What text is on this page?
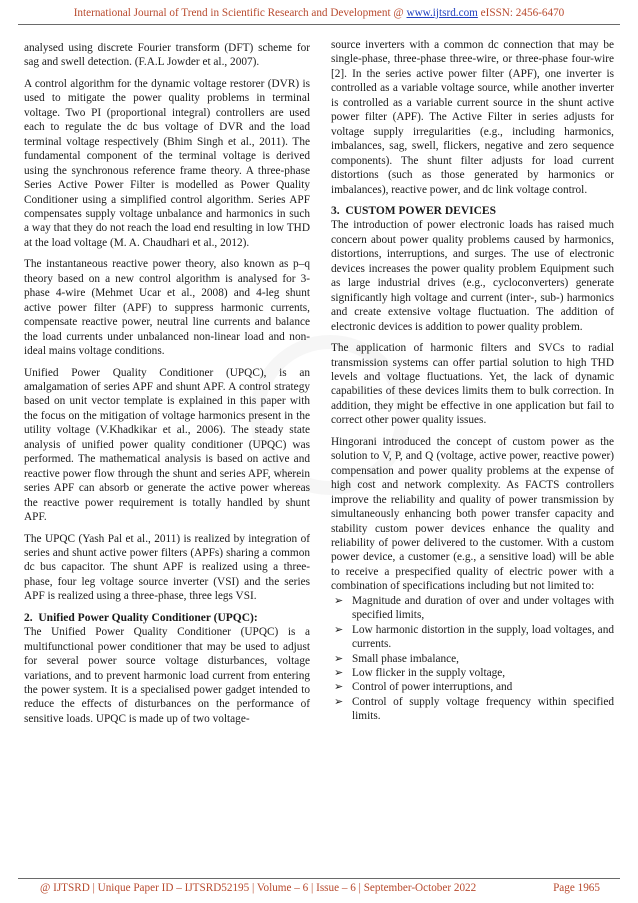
International Journal of Trend in Scientific Research and Development @ www.ijtsrd.com eISSN: 2456-6470

analysed using discrete Fourier transform (DFT) scheme for sag and swell detection. (F.A.L Jowder et al., 2007).

A control algorithm for the dynamic voltage restorer (DVR) is used to mitigate the power quality problems in terminal voltage. Two PI (proportional integral) controllers are used each to regulate the dc bus voltage of DVR and the load terminal voltage respectively (Bhim Singh et al., 2011). The fundamental component of the terminal voltage is derived using the synchronous reference frame theory. A three-phase Series Active Power Filter is modelled as Power Quality Conditioner using a simplified control algorithm. Series APF compensates supply voltage unbalance and harmonics in such a way that they do not reach the load end resulting in low THD at the load voltage (M. A. Chaudhari et al., 2012).

The instantaneous reactive power theory, also known as p–q theory based on a new control algorithm is analysed for 3-phase 4-wire (Mehmet Ucar et al., 2008) and 4-leg shunt active power filter (APF) to suppress harmonic currents, compensate reactive power, neutral line currents and balance the load currents under unbalanced non-linear load and non-ideal mains voltage conditions.

Unified Power Quality Conditioner (UPQC), is an amalgamation of series APF and shunt APF. A control strategy based on unit vector template is explained in this paper with the focus on the mitigation of voltage harmonics present in the utility voltage (V.Khadkikar et al., 2006). The steady state analysis of unified power quality conditioner (UPQC) was performed. The mathematical analysis is based on active and reactive power flow through the shunt and series APF, wherein series APF can absorb or generate the active power whereas the reactive power requirement is totally handled by shunt APF.

The UPQC (Yash Pal et al., 2011) is realized by integration of series and shunt active power filters (APFs) sharing a common dc bus capacitor. The shunt APF is realized using a three-phase, four leg voltage source inverter (VSI) and the series APF is realized using a three-phase, three legs VSI.

2.  Unified Power Quality Conditioner (UPQC):

The Unified Power Quality Conditioner (UPQC) is a multifunctional power conditioner that may be used to adjust for several power source voltage disturbances, voltage variations, and to prevent harmonic load current from entering the power system. It is a specialised power gadget intended to reduce the effects of disturbances on the performance of sensitive loads. UPQC is made up of two voltage-

source inverters with a common dc connection that may be single-phase, three-phase three-wire, or three-phase four-wire [2]. In the series active power filter (APF), one inverter is controlled as a variable voltage source, while another inverter is controlled as a variable current source in the shunt active power filter (APF). The Active Filter in series adjusts for voltage supply irregularities (e.g., including harmonics, imbalances, sag, swell, flickers, negative and zero sequence components). The shunt filter adjusts for load current distortions (such as those generated by harmonics or imbalances), reactive power, and dc link voltage control.

3.  CUSTOM POWER DEVICES

The introduction of power electronic loads has raised much concern about power quality problems caused by harmonics, distortions, interruptions, and surges. The use of electronic devices increases the power quality problem Equipment such as large industrial drives (e.g., cycloconverters) generate significantly high voltage and current (inter-, sub-) harmonics and create extensive voltage fluctuation. The addition of electronic devices is addition to power quality problem.

The application of harmonic filters and SVCs to radial transmission systems can offer partial solution to high THD levels and voltage fluctuations. Yet, the lack of dynamic capabilities of these devices limits them to bulk correction. In addition, they might be effective in one application but fail to correct other power quality issues.

Hingorani introduced the concept of custom power as the solution to V, P, and Q (voltage, active power, reactive power) compensation and power quality problems at the expense of high cost and network complexity. As FACTS controllers improve the reliability and quality of power transmission by simultaneously enhancing both power transfer capacity and stability custom power devices enhance the quality and reliability of power delivered to the customer. With a custom power device, a customer (e.g., a sensitive load) will be able to receive a prespecified quality of electric power with a combination of specifications including but not limited to:

➢ Magnitude and duration of over and under voltages with specified limits,
➢ Low harmonic distortion in the supply, load voltages, and currents.
➢ Small phase imbalance,
➢ Low flicker in the supply voltage,
➢ Control of power interruptions, and
➢ Control of supply voltage frequency within specified limits.
@ IJTSRD | Unique Paper ID – IJTSRD52195 | Volume – 6 | Issue – 6 | September-October 2022	Page 1965
